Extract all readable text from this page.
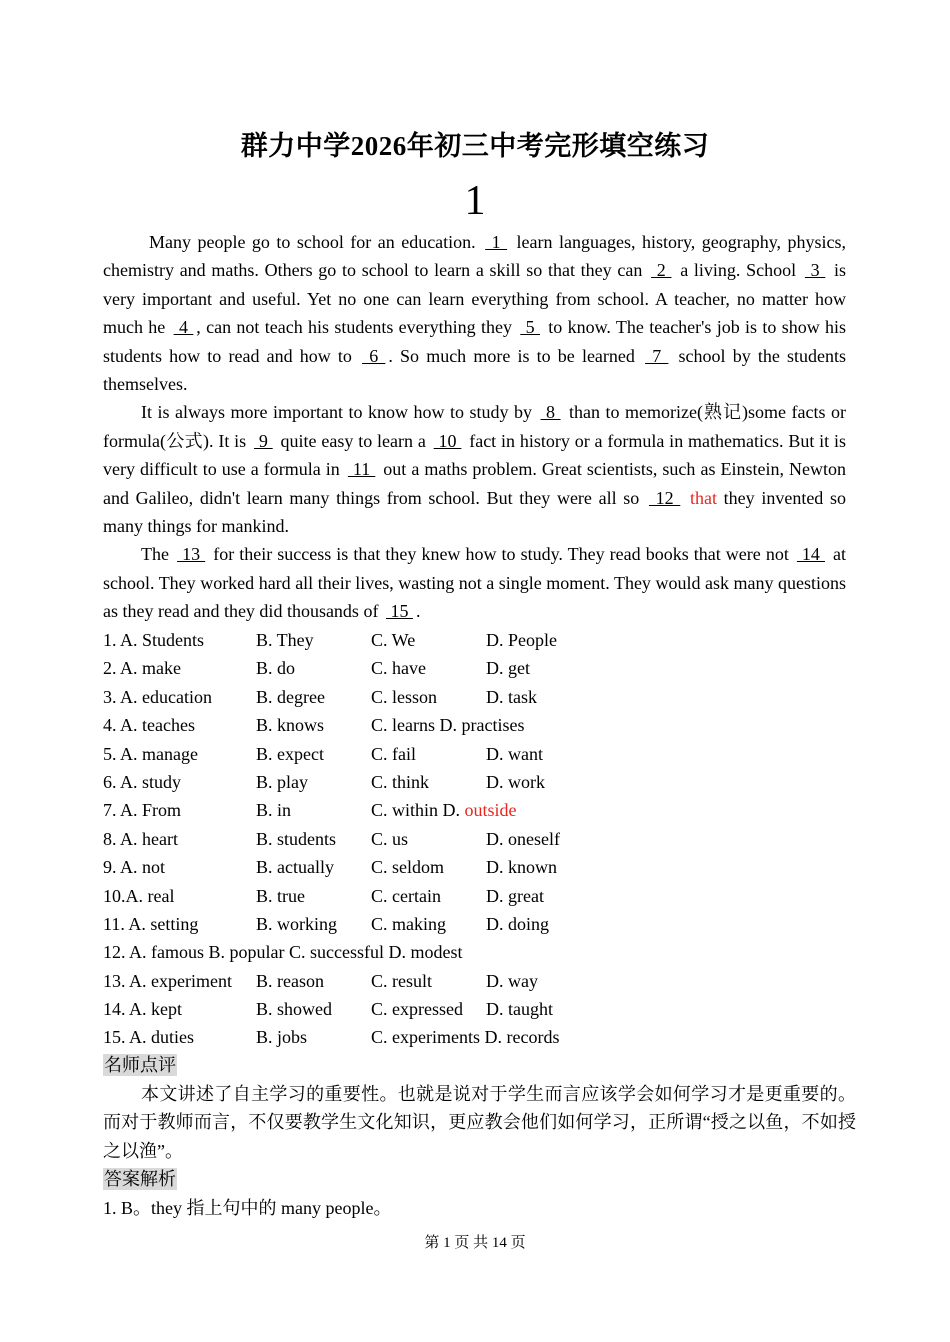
群力中学2026年初三中考完形填空练习
1

Many people go to school for an education.  1  learn languages, history, geography, physics, chemistry and maths. Others go to school to learn a skill so that they can  2  a living. School  3  is very important and useful. Yet no one can learn everything from school. A teacher, no matter how much he  4 , can not teach his students everything they  5  to know. The teacher's job is to show his students how to read and how to  6 . So much more is to be learned  7  school by the students themselves.

It is always more important to know how to study by  8  than to memorize(熟记)some facts or formula(公式). It is  9  quite easy to learn a  10  fact in history or a formula in mathematics. But it is very difficult to use a formula in  11  out a maths problem. Great scientists, such as Einstein, Newton and Galileo, didn't learn many things from school. But they were all so  12  that they invented so many things for mankind.

The  13  for their success is that they knew how to study. They read books that were not  14  at school. They worked hard all their lives, wasting not a single moment. They would ask many questions as they read and they did thousands of  15 .

1. A. Students	B. They	C. We	D. People
2. A. make	B. do	C. have	D. get
3. A. education B. degree	C. lesson	D. task
4. A. teaches	B. knows	C. learns D. practises
5. A. manage	B. expect	C. fail	D. want
6. A. study	B. play	C. think	D. work
7. A. From	B. in	C. within D. outside
8. A. heart	B. students C. us	D. oneself
9. A. not	B. actually C. seldom D. known
10.A. real	B. true	C. certain	D. great
11. A. setting	B. working C. making D. doing
12. A. famous B. popular C. successful D. modest
13. A. experiment B. reason	C. result	D. way
14. A. kept	B. showed C. expressed D. taught
15. A. duties	B. jobs	C. experiments D. records
名师点评

本文讲述了自主学习的重要性。也就是说对于学生而言应该学会如何学习才是更重要的。而对于教师而言，不仅要教学生文化知识，更应教会他们如何学习，正所谓“授之以鱼，不如授之以渔”。

答案解析
1. B。they 指上句中的 many people。
第 1 页 共 14 页
